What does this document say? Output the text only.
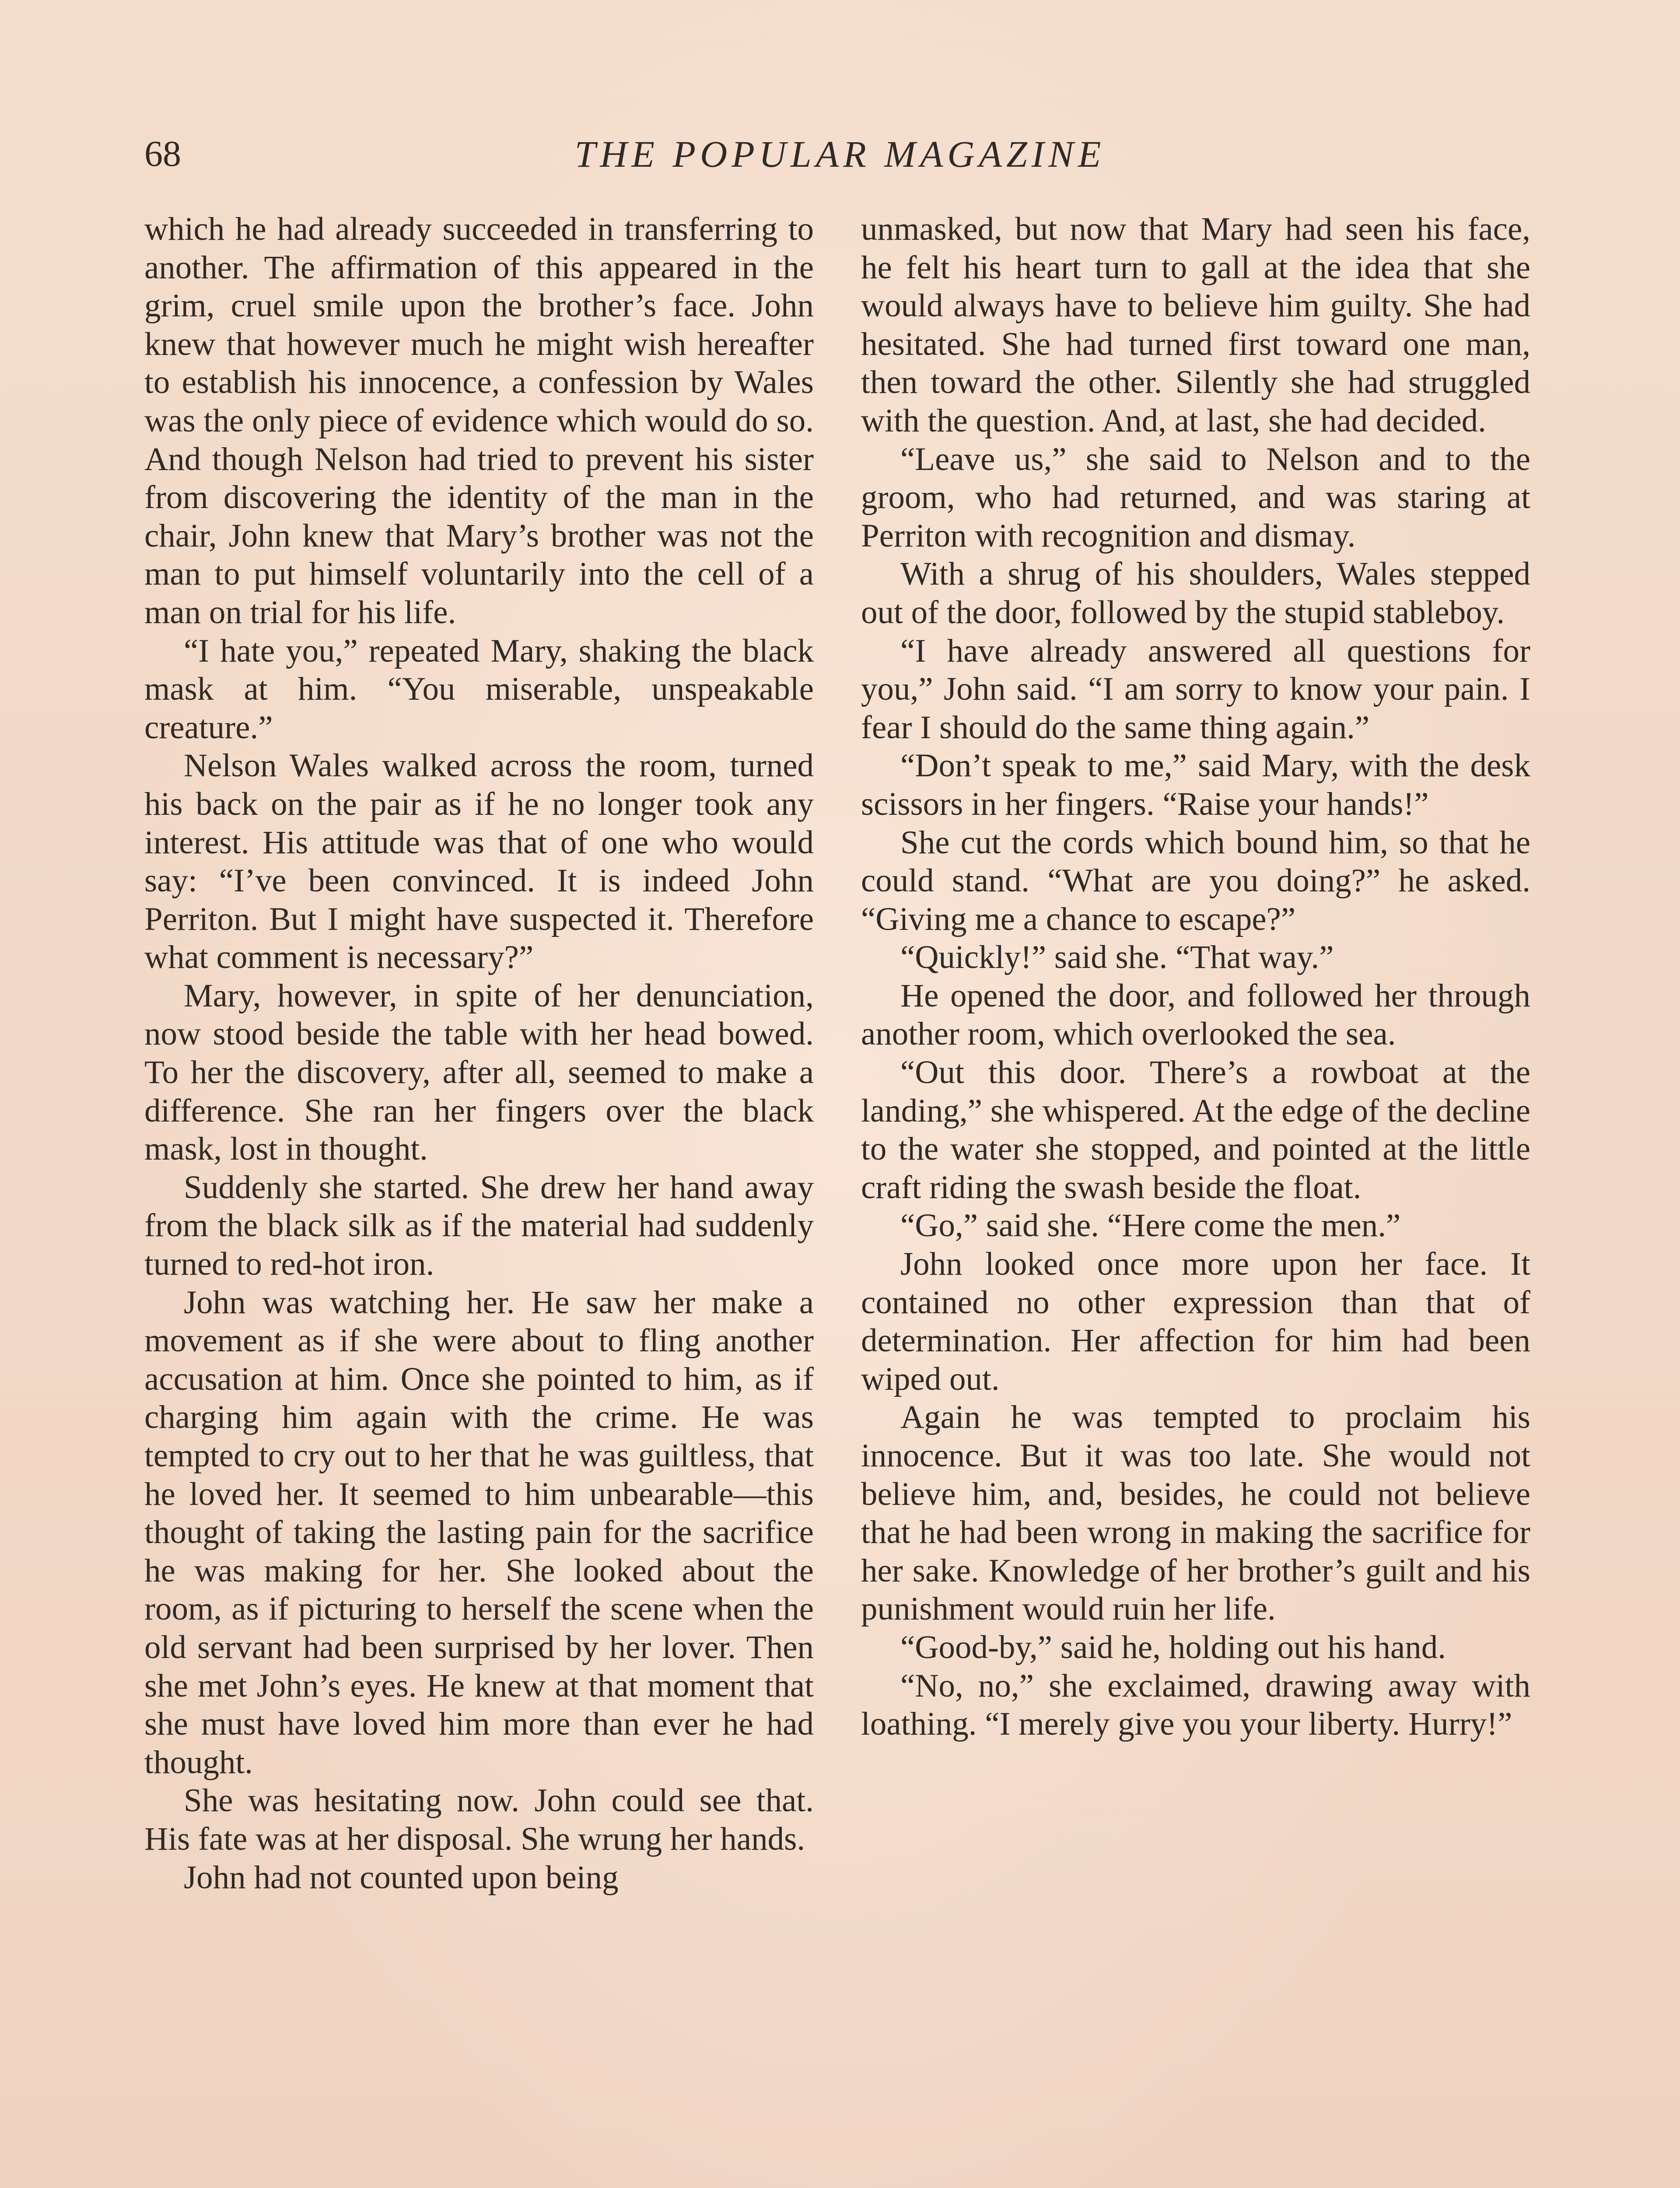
68	THE POPULAR MAGAZINE

which he had already succeeded in transferring to another. The affirmation of this appeared in the grim, cruel smile upon the brother’s face. John knew that however much he might wish hereafter to establish his innocence, a confession by Wales was the only piece of evidence which would do so. And though Nelson had tried to prevent his sister from discovering the identity of the man in the chair, John knew that Mary’s brother was not the man to put himself voluntarily into the cell of a man on trial for his life.

“I hate you,” repeated Mary, shaking the black mask at him. “You miserable, unspeakable creature.”

Nelson Wales walked across the room, turned his back on the pair as if he no longer took any interest. His attitude was that of one who would say: “I’ve been convinced. It is indeed John Perriton. But I might have suspected it. Therefore what comment is necessary?”

Mary, however, in spite of her denunciation, now stood beside the table with her head bowed. To her the discovery, after all, seemed to make a difference. She ran her fingers over the black mask, lost in thought.

Suddenly she started. She drew her hand away from the black silk as if the material had suddenly turned to red-hot iron.

John was watching her. He saw her make a movement as if she were about to fling another accusation at him. Once she pointed to him, as if charging him again with the crime. He was tempted to cry out to her that he was guiltless, that he loved her. It seemed to him unbearable—this thought of taking the lasting pain for the sacrifice he was making for her. She looked about the room, as if picturing to herself the scene when the old servant had been surprised by her lover. Then she met John’s eyes. He knew at that moment that she must have loved him more than ever he had thought.

She was hesitating now. John could see that. His fate was at her disposal. She wrung her hands.

John had not counted upon being

unmasked, but now that Mary had seen his face, he felt his heart turn to gall at the idea that she would always have to believe him guilty. She had hesitated. She had turned first toward one man, then toward the other. Silently she had struggled with the question. And, at last, she had decided.

“Leave us,” she said to Nelson and to the groom, who had returned, and was staring at Perriton with recognition and dismay.

With a shrug of his shoulders, Wales stepped out of the door, followed by the stupid stableboy.

“I have already answered all questions for you,” John said. “I am sorry to know your pain. I fear I should do the same thing again.”

“Don’t speak to me,” said Mary, with the desk scissors in her fingers. “Raise your hands!”

She cut the cords which bound him, so that he could stand. “What are you doing?” he asked. “Giving me a chance to escape?”

“Quickly!” said she. “That way.”

He opened the door, and followed her through another room, which overlooked the sea.

“Out this door. There’s a rowboat at the landing,” she whispered. At the edge of the decline to the water she stopped, and pointed at the little craft riding the swash beside the float.

“Go,” said she. “Here come the men.”

John looked once more upon her face. It contained no other expression than that of determination. Her affection for him had been wiped out.

Again he was tempted to proclaim his innocence. But it was too late. She would not believe him, and, besides, he could not believe that he had been wrong in making the sacrifice for her sake. Knowledge of her brother’s guilt and his punishment would ruin her life.

“Good-by,” said he, holding out his hand.

“No, no,” she exclaimed, drawing away with loathing. “I merely give you your liberty. Hurry!”
